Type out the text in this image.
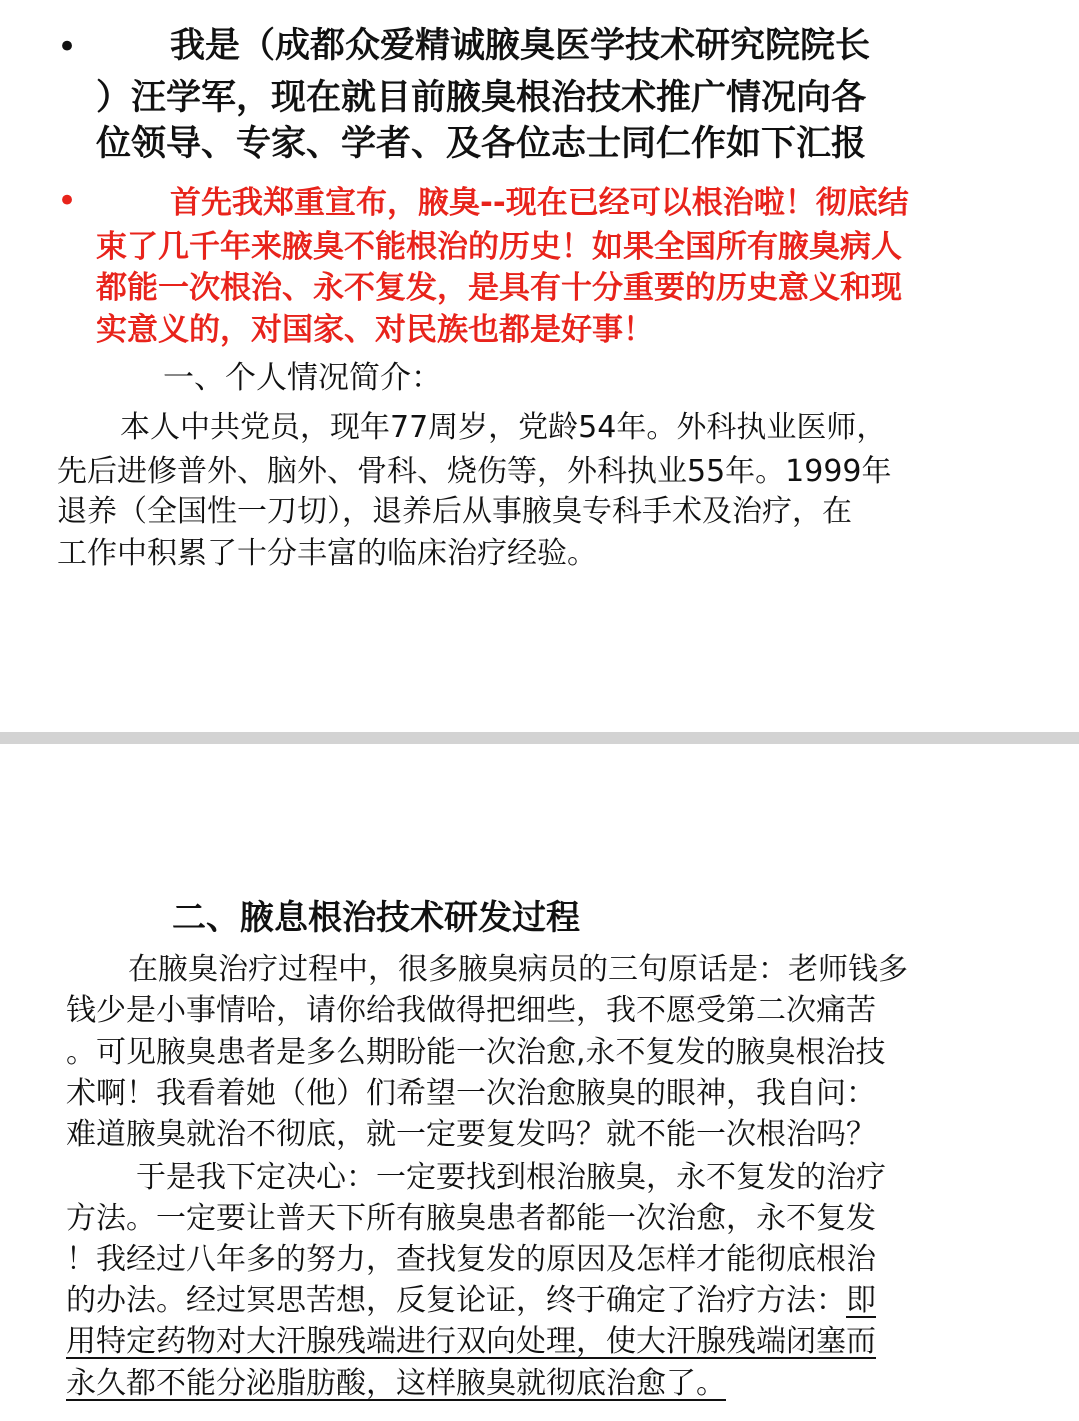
•	我是（成都众爱精诚腋臭医学技术研究院院长
）汪学军，现在就目前腋臭根治技术推广情况向各
位领导、专家、学者、及各位志士同仁作如下汇报
•	首先我郑重宣布，腋臭--现在已经可以根治啦！彻底结
束了几千年来腋臭不能根治的历史！如果全国所有腋臭病人
都能一次根治、永不复发，是具有十分重要的历史意义和现
实意义的，对国家、对民族也都是好事！
一、个人情况简介：
本人中共党员，现年77周岁，党龄54年。外科执业医师，
先后进修普外、脑外、骨科、烧伤等，外科执业55年。1999年
退养（全国性一刀切），退养后从事腋臭专科手术及治疗，在
工作中积累了十分丰富的临床治疗经验。
二、腋息根治技术研发过程
在腋臭治疗过程中，很多腋臭病员的三句原话是：老师钱多
钱少是小事情哈，请你给我做得把细些，我不愿受第二次痛苦
。可见腋臭患者是多么期盼能一次治愈,永不复发的腋臭根治技
术啊！我看着她（他）们希望一次治愈腋臭的眼神，我自问：
难道腋臭就治不彻底，就一定要复发吗？就不能一次根治吗？
于是我下定决心：一定要找到根治腋臭，永不复发的治疗
方法。一定要让普天下所有腋臭患者都能一次治愈，永不复发
！我经过八年多的努力，查找复发的原因及怎样才能彻底根治
的办法。经过冥思苦想，反复论证，终于确定了治疗方法：即
用特定药物对大汗腺残端进行双向处理，使大汗腺残端闭塞而
永久都不能分泌脂肪酸，这样腋臭就彻底治愈了。
